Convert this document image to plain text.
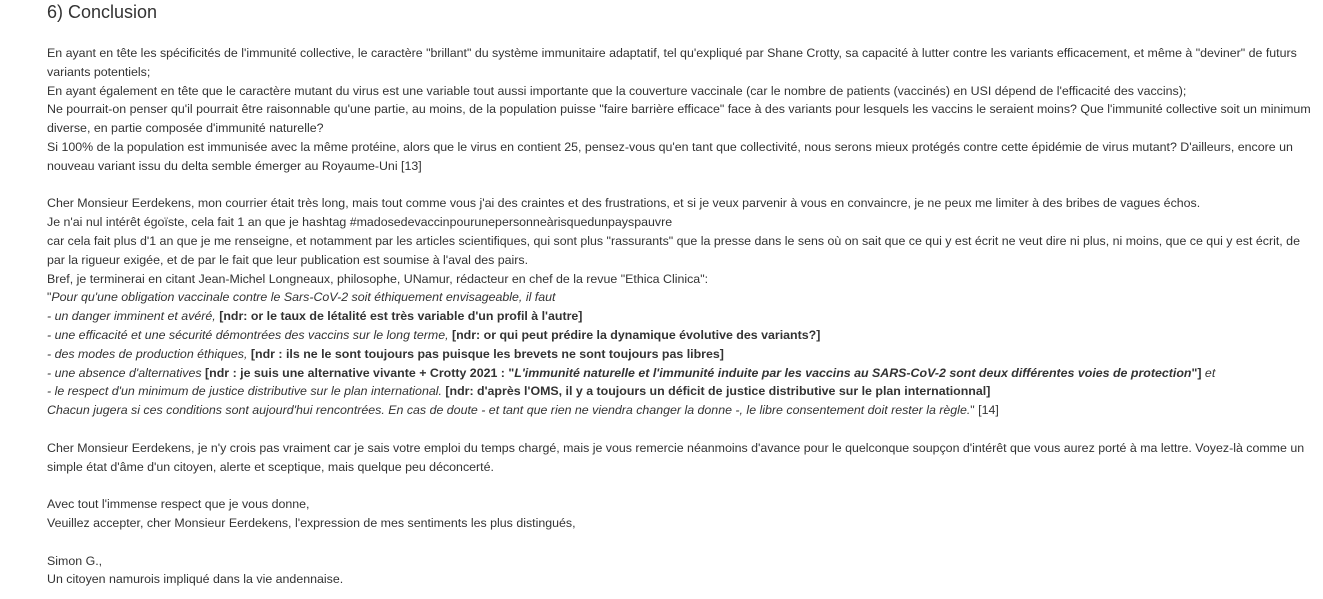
6) Conclusion

En ayant en tête les spécificités de l'immunité collective, le caractère "brillant" du système immunitaire adaptatif, tel qu'expliqué par Shane Crotty, sa capacité à lutter contre les variants efficacement, et même à "deviner" de futurs variants potentiels;

En ayant également en tête que le caractère mutant du virus est une variable tout aussi importante que la couverture vaccinale (car le nombre de patients (vaccinés) en USI dépend de l'efficacité des vaccins);

Ne pourrait-on penser qu'il pourrait être raisonnable qu'une partie, au moins, de la population puisse "faire barrière efficace" face à des variants pour lesquels les vaccins le seraient moins? Que l'immunité collective soit un minimum diverse, en partie composée d'immunité naturelle?

Si 100% de la population est immunisée avec la même protéine, alors que le virus en contient 25, pensez-vous qu'en tant que collectivité, nous serons mieux protégés contre cette épidémie de virus mutant? D'ailleurs, encore un nouveau variant issu du delta semble émerger au Royaume-Uni [13]

Cher Monsieur Eerdekens, mon courrier était très long, mais tout comme vous j'ai des craintes et des frustrations, et si je veux parvenir à vous en convaincre, je ne peux me limiter à des bribes de vagues échos.

Je n'ai nul intérêt égoïste, cela fait 1 an que je hashtag #madosedevaccinpourunepersonneàrisquedunpayspauvre

car cela fait plus d'1 an que je me renseigne, et notamment par les articles scientifiques, qui sont plus "rassurants" que la presse dans le sens où on sait que ce qui y est écrit ne veut dire ni plus, ni moins, que ce qui y est écrit, de par la rigueur exigée, et de par le fait que leur publication est soumise à l'aval des pairs.

Bref, je terminerai en citant Jean-Michel Longneaux, philosophe, UNamur, rédacteur en chef de la revue "Ethica Clinica":

"Pour qu'une obligation vaccinale contre le Sars-CoV-2 soit éthiquement envisageable, il faut

- un danger imminent et avéré, [ndr: or le taux de létalité est très variable d'un profil à l'autre]

- une efficacité et une sécurité démontrées des vaccins sur le long terme, [ndr: or qui peut prédire la dynamique évolutive des variants?]

- des modes de production éthiques, [ndr : ils ne le sont toujours pas puisque les brevets ne sont toujours pas libres]

- une absence d'alternatives [ndr : je suis une alternative vivante + Crotty 2021 : "L'immunité naturelle et l'immunité induite par les vaccins au SARS-CoV-2 sont deux différentes voies de protection"] et

- le respect d'un minimum de justice distributive sur le plan international. [ndr: d'après l'OMS, il y a toujours un déficit de justice distributive sur le plan internationnal]

Chacun jugera si ces conditions sont aujourd'hui rencontrées. En cas de doute - et tant que rien ne viendra changer la donne -, le libre consentement doit rester la règle." [14]

Cher Monsieur Eerdekens, je n'y crois pas vraiment car je sais votre emploi du temps chargé, mais je vous remercie néanmoins d'avance pour le quelconque soupçon d'intérêt que vous aurez porté à ma lettre. Voyez-là comme un simple état d'âme d'un citoyen, alerte et sceptique, mais quelque peu déconcerté.

Avec tout l'immense respect que je vous donne,

Veuillez accepter, cher Monsieur Eerdekens, l'expression de mes sentiments les plus distingués,

Simon G.,

Un citoyen namurois impliqué dans la vie andennaise.
